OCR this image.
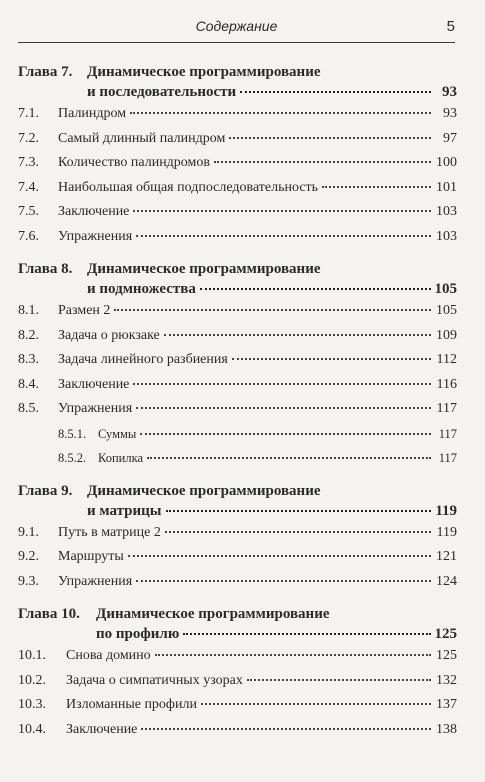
Содержание	5
Глава 7. Динамическое программирование
и последовательности	93
7.1.	Палиндром	93
7.2.	Самый длинный палиндром	97
7.3.	Количество палиндромов	100
7.4.	Наибольшая общая подпоследовательность	101
7.5.	Заключение	103
7.6.	Упражнения	103
Глава 8. Динамическое программирование
и подмножества	105
8.1.	Размен 2	105
8.2.	Задача о рюкзаке	109
8.3.	Задача линейного разбиения	112
8.4.	Заключение	116
8.5.	Упражнения	117
8.5.1. Суммы	117
8.5.2. Копилка	117
Глава 9. Динамическое программирование
и матрицы	119
9.1.	Путь в матрице 2	119
9.2.	Маршруты	121
9.3.	Упражнения	124
Глава 10.	Динамическое программирование
по профилю	125
10.1.	Снова домино	125
10.2.	Задача о симпатичных узорах	132
10.3.	Изломанные профили	137
10.4.	Заключение	138
